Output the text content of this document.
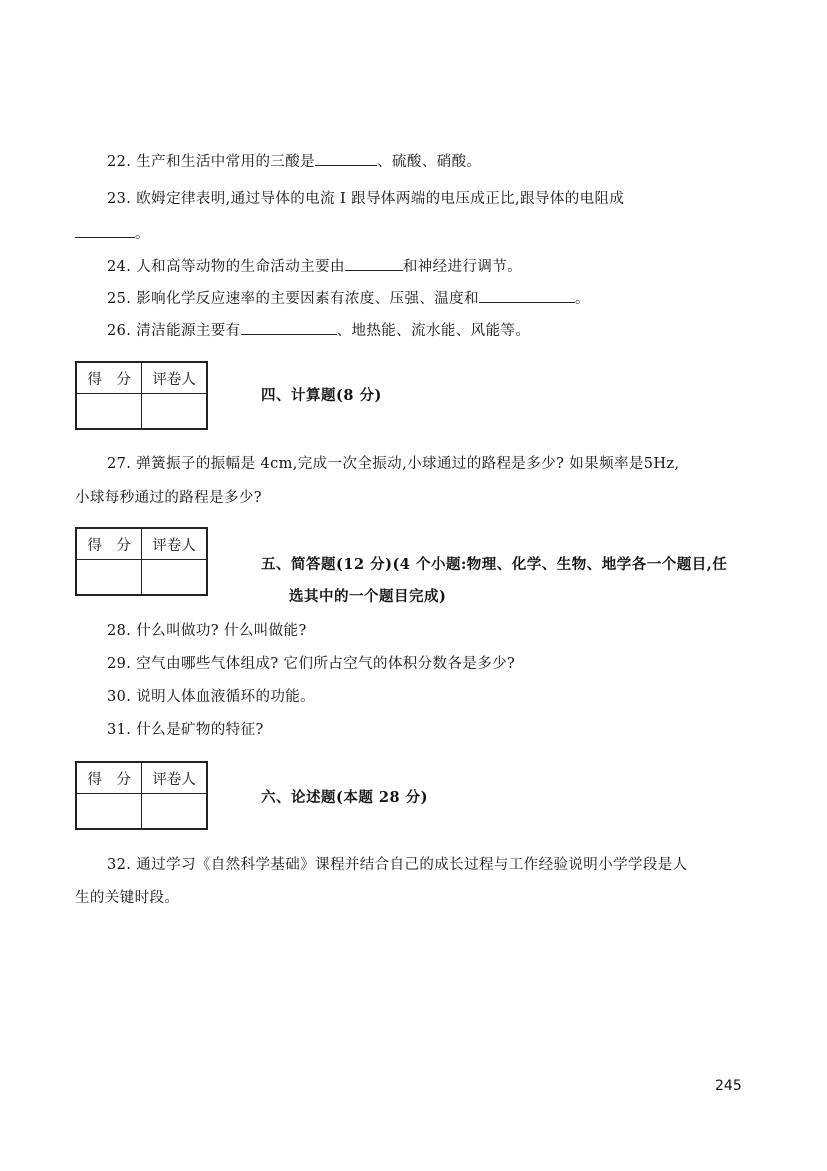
22. 生产和生活中常用的三酸是	、硫酸、硝酸。
23. 欧姆定律表明,通过导体的电流 I 跟导体两端的电压成正比,跟导体的电阻成
。
24. 人和高等动物的生命活动主要由	和神经进行调节。
25. 影响化学反应速率的主要因素有浓度、压强、温度和	。
26. 清洁能源主要有	、地热能、流水能、风能等。
得　分	评卷人

四、计算题(8 分)
27. 弹簧振子的振幅是 4cm,完成一次全振动,小球通过的路程是多少? 如果频率是5Hz,
小球每秒通过的路程是多少?
得　分	评卷人

五、简答题(12 分)(4 个小题:物理、化学、生物、地学各一个题目,任
选其中的一个题目完成)
28. 什么叫做功? 什么叫做能?
29. 空气由哪些气体组成? 它们所占空气的体积分数各是多少?
30. 说明人体血液循环的功能。
31. 什么是矿物的特征?
得　分	评卷人

六、论述题(本题 28 分)
32. 通过学习《自然科学基础》课程并结合自己的成长过程与工作经验说明小学学段是人
生的关键时段。
245
